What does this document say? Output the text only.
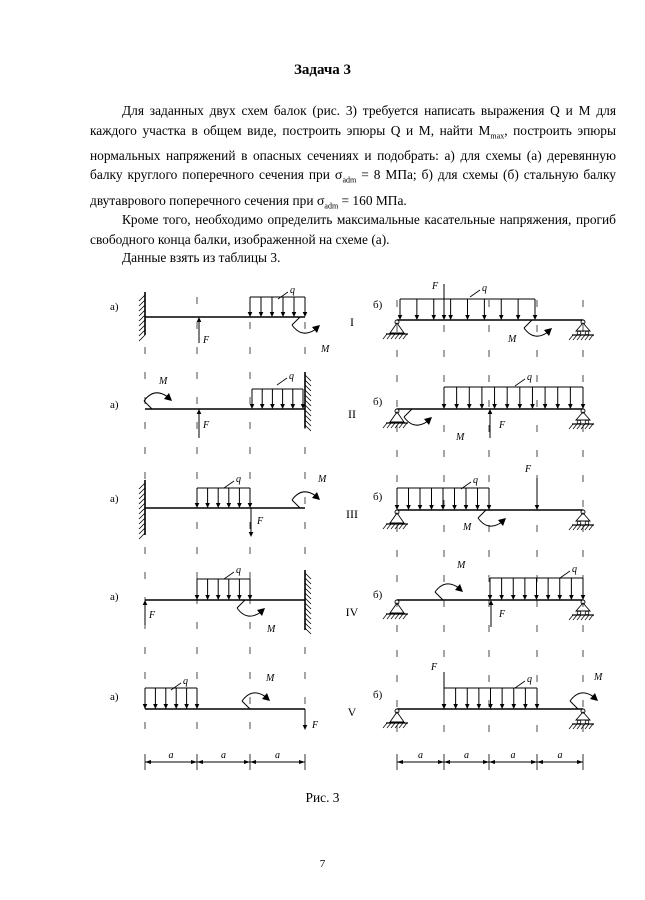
Задача 3

Для заданных двух схем балок (рис. 3) требуется написать выражения Q и M для каждого участка в общем виде, построить эпюры Q и M, найти $M_{max}$, построить эпюры нормальных напряжений в опасных сечениях и подобрать: а) для схемы (а) деревянную балку круглого поперечного сечения при $\sigma_{adm} = 8$ МПа; б) для схемы (б) стальную балку двутаврового поперечного сечения при $\sigma_{adm} = 160$ МПа.

Кроме того, необходимо определить максимальные касательные напряжения, прогиб свободного конца балки, изображенной на схеме (а).

Данные взять из таблицы 3.

а)	б)
I
а)	б)
II
а)	б)
III
а)	б)
IV
а)	б)
V
q
F
M
q
F
M
q
F
M	q
F
M
q
F
M	q
F
M
q
F
M
q
F
M
q
F
M	q
F
M
a	a	a	a	a	a	a
Рис. 3
7
